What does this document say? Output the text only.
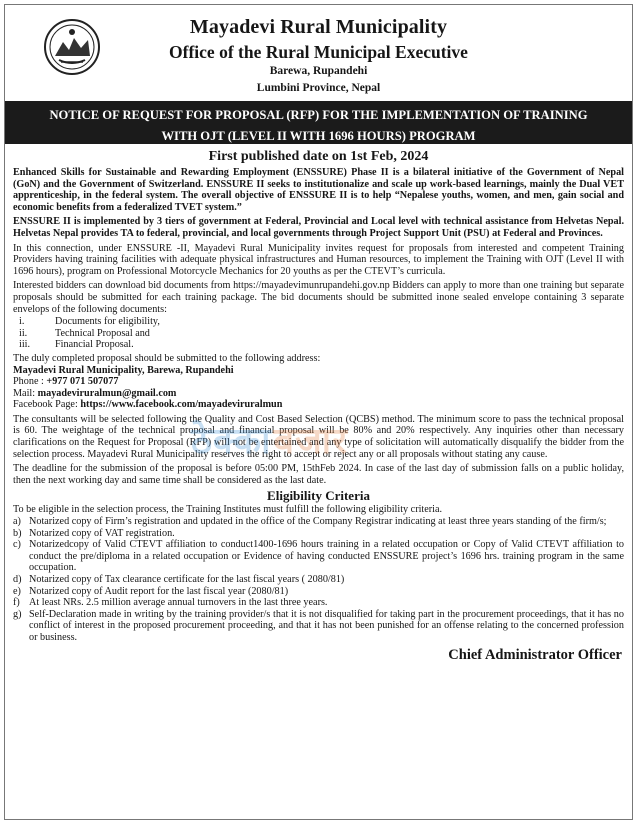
Mayadevi Rural Municipality
Office of the Rural Municipal Executive
Barewa, Rupandehi
Lumbini Province, Nepal
NOTICE OF REQUEST FOR PROPOSAL (RFP) FOR THE IMPLEMENTATION OF TRAINING
WITH OJT (LEVEL II WITH 1696 HOURS) PROGRAM
First published date on 1st Feb, 2024

Enhanced Skills for Sustainable and Rewarding Employment (ENSSURE) Phase II is a bilateral initiative of the Government of Nepal (GoN) and the Government of Switzerland. ENSSURE II seeks to institutionalize and scale up work-based learnings, mainly the Dual VET apprenticeship, in the federal system. The overall objective of ENSSURE II is to help “Nepalese youths, women, and men, gain social and economic benefits from a federalized TVET system.”

ENSSURE II is implemented by 3 tiers of government at Federal, Provincial and Local level with technical assistance from Helvetas Nepal. Helvetas Nepal provides TA to federal, provincial, and local governments through Project Support Unit (PSU) at Federal and Provinces.

In this connection, under ENSSURE -II, Mayadevi Rural Municipality invites request for proposals from interested and competent Training Providers having training facilities with adequate physical infrastructures and Human resources, to implement the Training with OJT (Level II with 1696 hours), program on Professional Motorcycle Mechanics for 20 youths as per the CTEVT’s curricula.

Interested bidders can download bid documents from https://mayadevimunrupandehi.gov.np Bidders can apply to more than one training but separate proposals should be submitted for each training package. The bid documents should be submitted inone sealed envelope containing 3 separate envelops of the following documents:

i.	Documents for eligibility,
ii.	Technical Proposal and
iii. Financial Proposal.

The duly completed proposal should be submitted to the following address:

Mayadevi Rural Municipality, Barewa, Rupandehi

Phone : +977 071 507077

Mail: mayadeviruralmun@gmail.com

Facebook Page: https://www.facebook.com/mayadeviruralmun

The consultants will be selected following the Quality and Cost Based Selection (QCBS) method. The minimum score to pass the technical proposal is 60. The weightage of the technical proposal and financial proposal will be 80% and 20% respectively. Any inquiries other than necessary clarifications on the Request for Proposal (RFP) will not be entertained and any type of solicitation will automatically disqualify the bidder from the selection process. Mayadevi Rural Municipality reserves the right to accept or reject any or all proposals without stating any cause.

The deadline for the submission of the proposal is before 05:00 PM, 15thFeb 2024. In case of the last day of submission falls on a public holiday, then the next working day and same time shall be considered as the last date.

Eligibility Criteria

To be eligible in the selection process, the Training Institutes must fulfill the following eligibility criteria.

a) Notarized copy of Firm’s registration and updated in the office of the Company Registrar indicating at least three years standing of the firm/s;
b) Notarized copy of VAT registration.
c) Notarizedcopy of Valid CTEVT affiliation to conduct1400-1696 hours training in a related occupation or Copy of Valid CTEVT affiliation to conduct the pre/diploma in a related occupation or Evidence of having conducted ENSSURE project’s 1696 hrs. training program in the same occupation.
d) Notarized copy of Tax clearance certificate for the last fiscal years ( 2080/81)
e) Notarized copy of Audit report for the last fiscal year (2080/81)
f) At least NRs. 2.5 million average annual turnovers in the last three years.
g) Self-Declaration made in writing by the training provider/s that it is not disqualified for taking part in the procurement proceedings, that it has no conflict of interest in the proposed procurement proceeding, and that it has not been punished for an offense relating to the concerned profession or business.
Chief Administrator Officer
ठेक्काबजार
